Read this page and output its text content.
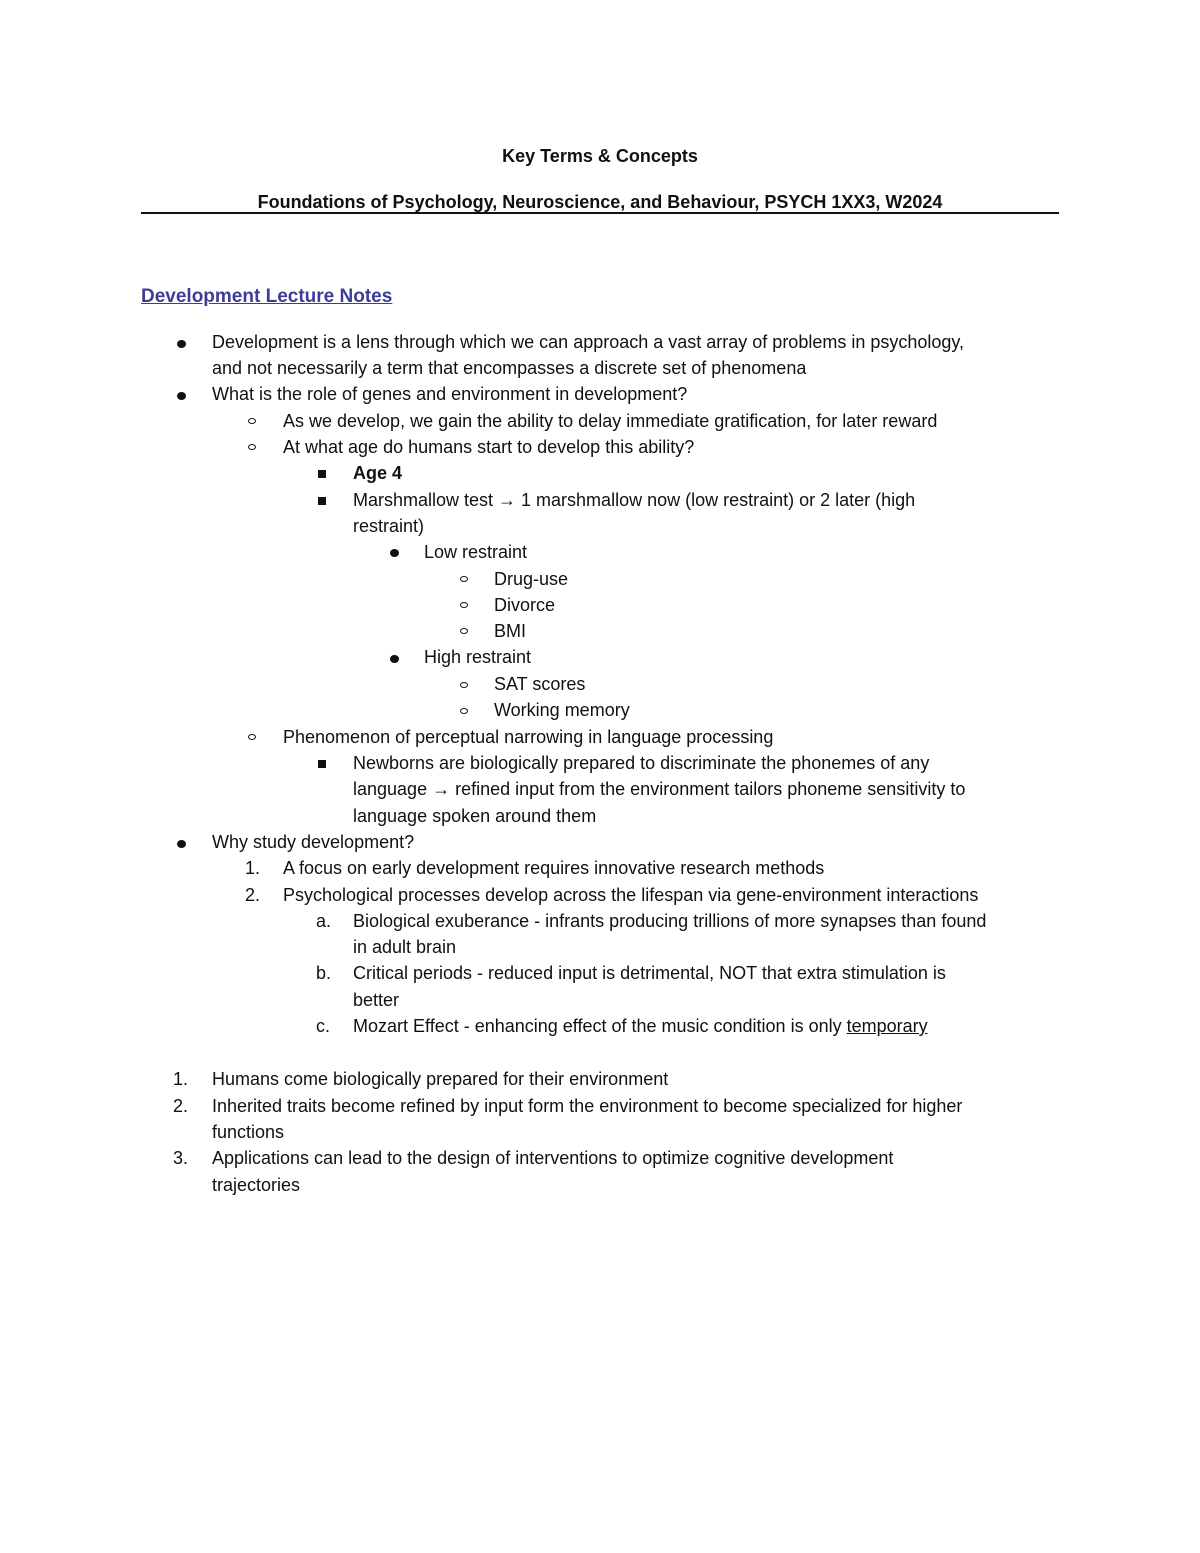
Key Terms & Concepts
Foundations of Psychology, Neuroscience, and Behaviour, PSYCH 1XX3, W2024
Development Lecture Notes
Development is a lens through which we can approach a vast array of problems in psychology,
and not necessarily a term that encompasses a discrete set of phenomena
What is the role of genes and environment in development?
As we develop, we gain the ability to delay immediate gratification, for later reward
At what age do humans start to develop this ability?
Age 4
Marshmallow test → 1 marshmallow now (low restraint) or 2 later (high
restraint)
Low restraint
Drug-use
Divorce
BMI
High restraint
SAT scores
Working memory
Phenomenon of perceptual narrowing in language processing
Newborns are biologically prepared to discriminate the phonemes of any
language → refined input from the environment tailors phoneme sensitivity to
language spoken around them
Why study development?
1. A focus on early development requires innovative research methods
2. Psychological processes develop across the lifespan via gene-environment interactions
a. Biological exuberance - infrants producing trillions of more synapses than found
in adult brain
b. Critical periods - reduced input is detrimental, NOT that extra stimulation is
better
c. Mozart Effect - enhancing effect of the music condition is only temporary
1. Humans come biologically prepared for their environment
2. Inherited traits become refined by input form the environment to become specialized for higher
functions
3. Applications can lead to the design of interventions to optimize cognitive development
trajectories
